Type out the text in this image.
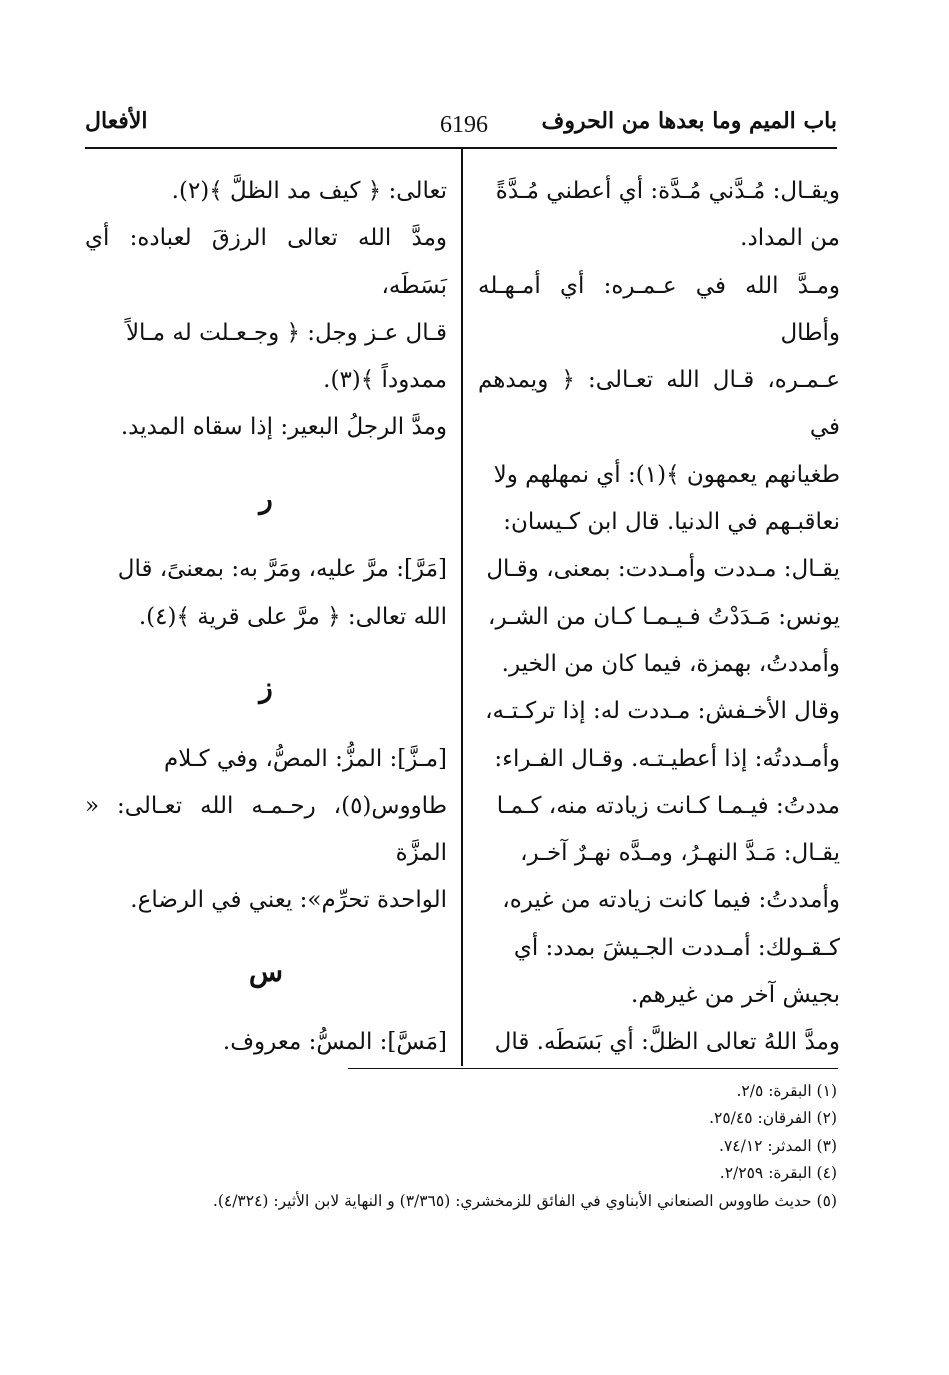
باب الميم وما بعدها من الحروف
6196
الأفعال

ويقـال: مُـدَّني مُـدَّة: أي أعطني مُـدَّةً

من المداد.

ومـدَّ الله في عـمـره: أي أمـهـله وأطال

عـمـره، قـال الله تعـالى: ﴿ ويمدهم في

طغيانهم يعمهون ﴾(١): أي نمهلهم ولا

نعاقبـهم في الدنيا. قال ابن كـيسان:

يقـال: مـددت وأمـددت: بمعنى، وقـال

يونس: مَـدَدْتُ فـيـمـا كـان من الشـر،

وأمددتُ، بهمزة، فيما كان من الخير.

وقال الأخـفش: مـددت له: إذا تركـتـه،

وأمـددتُه: إذا أعطيـتـه. وقـال الفـراء:

مددتُ: فيـمـا كـانت زيادته منه، كـمـا

يقـال: مَـدَّ النهـرُ، ومـدَّه نهـرٌ آخـر،

وأمددتُ: فيما كانت زيادته من غيره،

كـقـولك: أمـددت الجـيشَ بمدد: أي

بجيش آخر من غيرهم.

ومدَّ اللهُ تعالى الظلَّ: أي بَسَطَه. قال

تعالى: ﴿ كيف مد الظلَّ ﴾(٢).

ومدَّ الله تعالى الرزقَ لعباده: أي بَسَطَه،

قـال عـز وجل: ﴿ وجـعـلت له مـالاً

ممدوداً ﴾(٣).

ومدَّ الرجلُ البعير: إذا سقاه المديد.

ر

[مَرَّ]: مرَّ عليه، ومَرَّ به: بمعنىً، قال

الله تعالى: ﴿ مرَّ على قرية ﴾(٤).

ز

[مـزَّ]: المزُّ: المصُّ، وفي كـلام

طاووس(٥)، رحـمـه الله تعـالى: « المزَّة

الواحدة تحرِّم»: يعني في الرضاع.

س

[مَسَّ]: المسُّ: معروف.

(١) البقرة: ٢/٥.
(٢) الفرقان: ٢٥/٤٥.
(٣) المدثر: ٧٤/١٢.
(٤) البقرة: ٢/٢٥٩.
(٥) حديث طاووس الصنعاني الأبناوي في الفائق للزمخشري: (٣/٣٦٥) و النهاية لابن الأثير: (٤/٣٢٤).
